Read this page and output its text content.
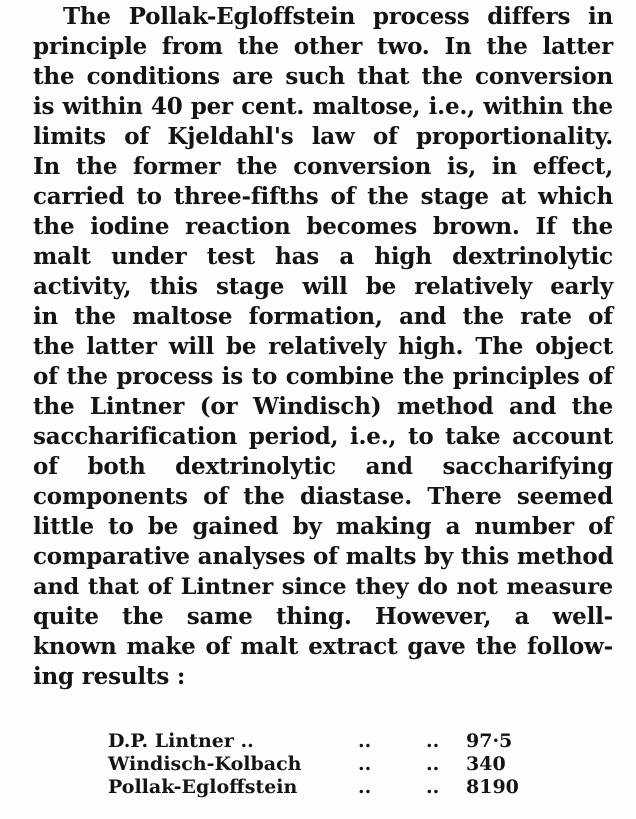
The Pollak-Egloffstein process differs in
principle from the other two. In the latter
the conditions are such that the conversion
is within 40 per cent. maltose, i.e., within the
limits of Kjeldahl's law of proportionality.
In the former the conversion is, in effect,
carried to three-fifths of the stage at which
the iodine reaction becomes brown. If the
malt under test has a high dextrinolytic
activity, this stage will be relatively early
in the maltose formation, and the rate of
the latter will be relatively high. The object
of the process is to combine the principles of
the Lintner (or Windisch) method and the
saccharification period, i.e., to take account
of both dextrinolytic and saccharifying
components of the diastase. There seemed
little to be gained by making a number of
comparative analyses of malts by this method
and that of Lintner since they do not measure
quite the same thing. However, a well-
known make of malt extract gave the follow-
ing results :
D.P. Lintner ..	..	..	97·5
Windisch-Kolbach	..	..	340
Pollak-Egloffstein	..	..	8190
